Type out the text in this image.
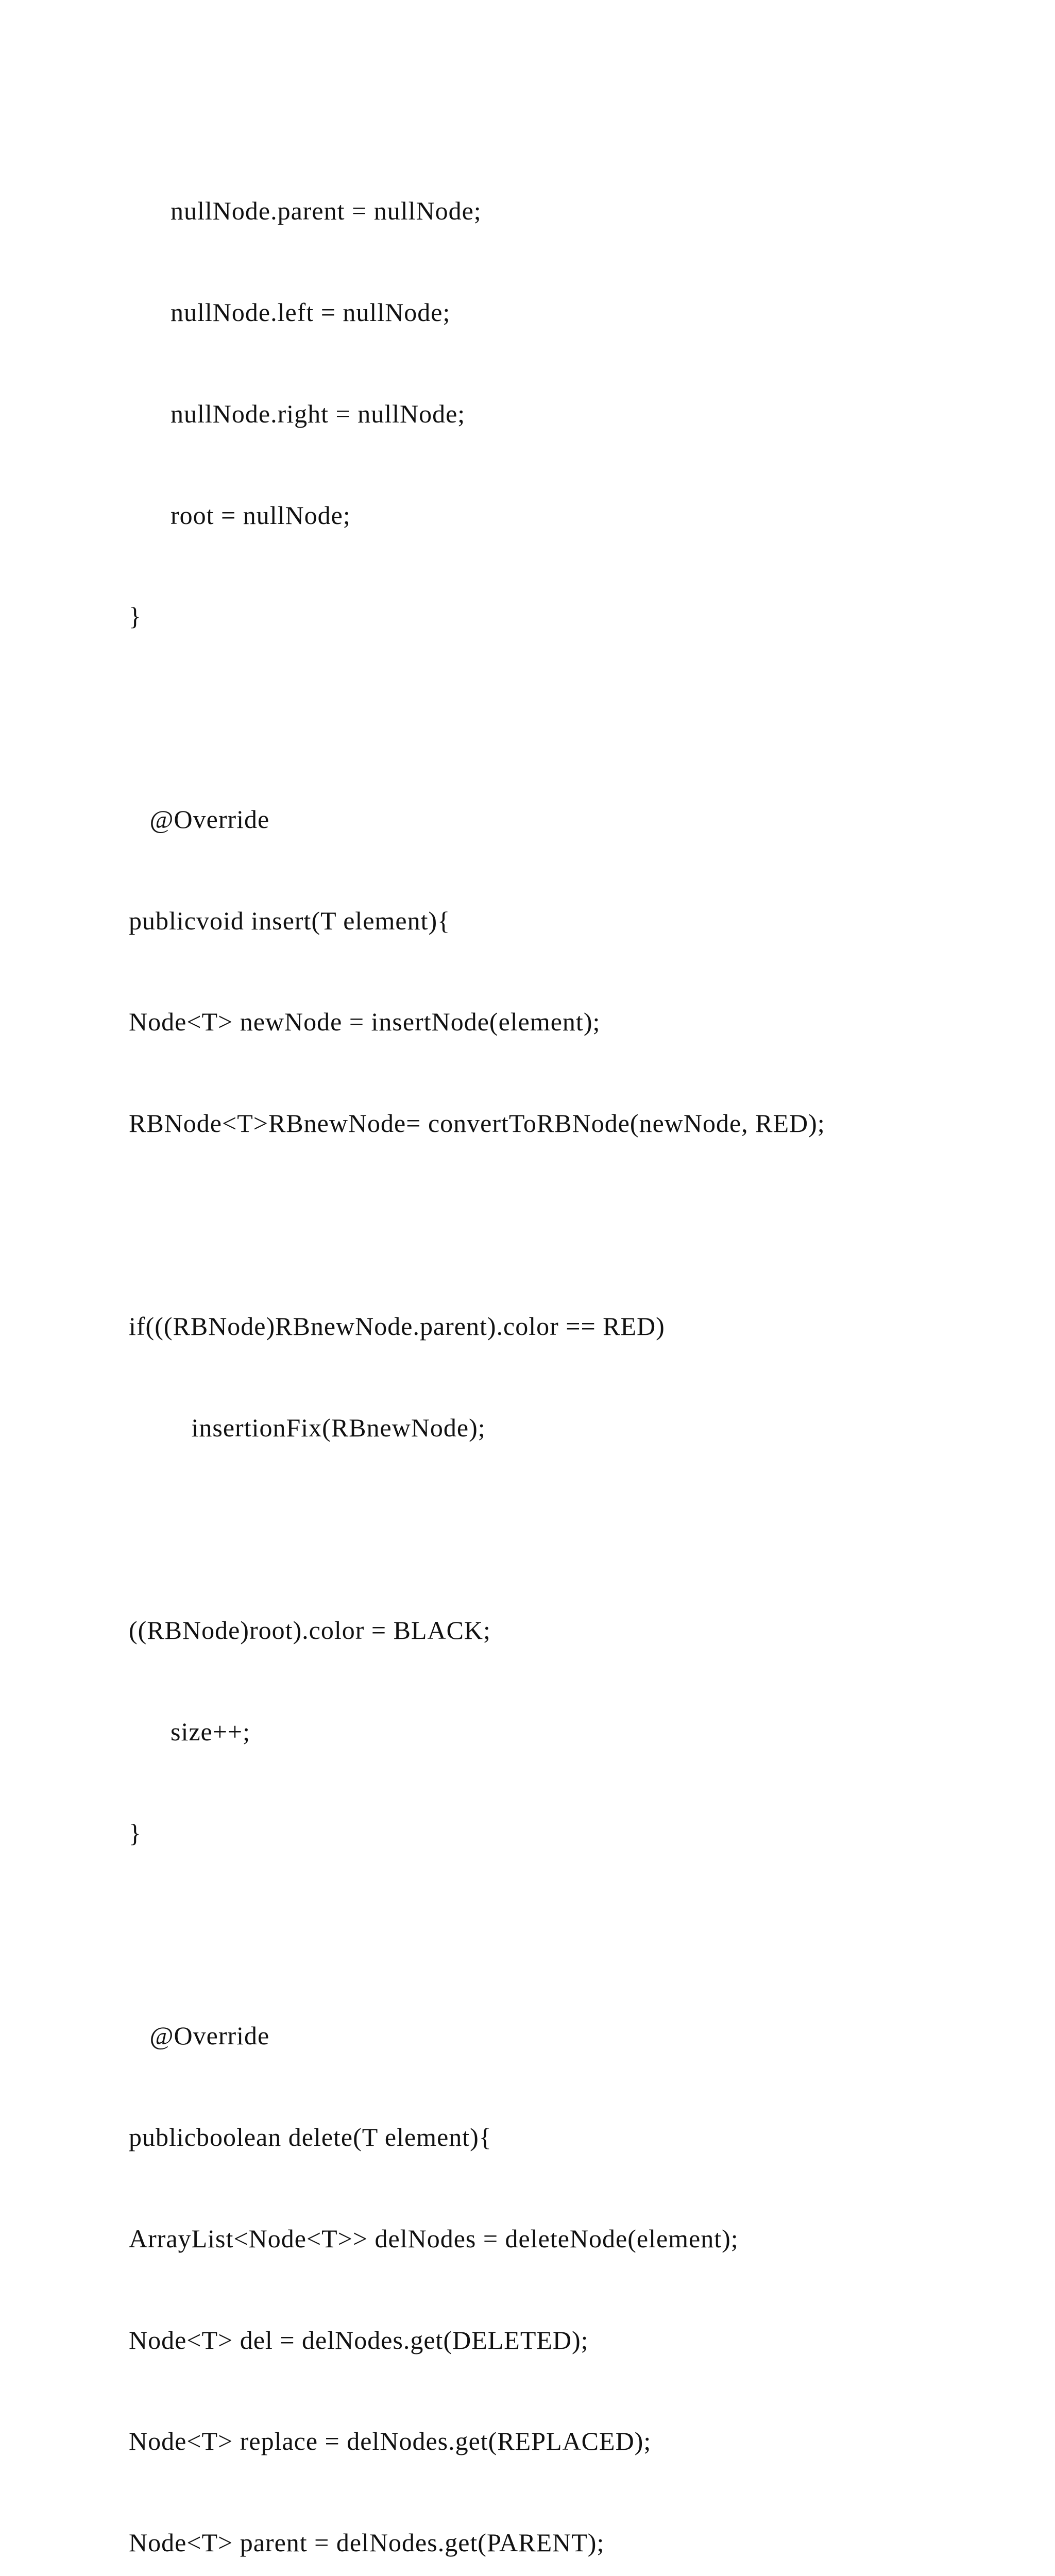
nullNode.parent = nullNode;

nullNode.left = nullNode;

nullNode.right = nullNode;

root = nullNode;

}

@Override

publicvoid insert(T element){

Node<T> newNode = insertNode(element);

RBNode<T>RBnewNode= convertToRBNode(newNode, RED);

if(((RBNode)RBnewNode.parent).color == RED)

insertionFix(RBnewNode);

((RBNode)root).color = BLACK;

size++;

}

@Override

publicboolean delete(T element){

ArrayList<Node<T>> delNodes = deleteNode(element);

Node<T> del = delNodes.get(DELETED);

Node<T> replace = delNodes.get(REPLACED);

Node<T> parent = delNodes.get(PARENT);
